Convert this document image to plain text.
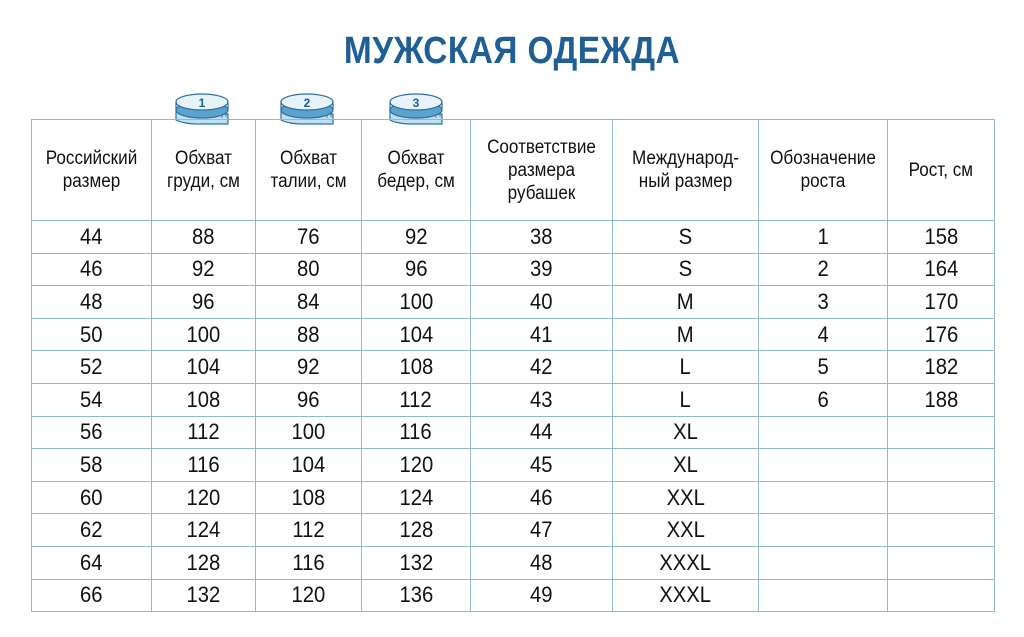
МУЖСКАЯ ОДЕЖДА
1	2	3
Российский размер	Обхват груди, см	Обхват талии, см	Обхват бедер, см	Соответствие размера рубашек	Международ-ный размер	Обозначение роста	Рост, см
44	88	76	92	38	S	1	158
46	92	80	96	39	S	2	164
48	96	84	100	40	M	3	170
50	100	88	104	41	M	4	176
52	104	92	108	42	L	5	182
54	108	96	112	43	L	6	188
56	112	100	116	44	XL		
58	116	104	120	45	XL		
60	120	108	124	46	XXL		
62	124	112	128	47	XXL		
64	128	116	132	48	XXXL		
66	132	120	136	49	XXXL		
